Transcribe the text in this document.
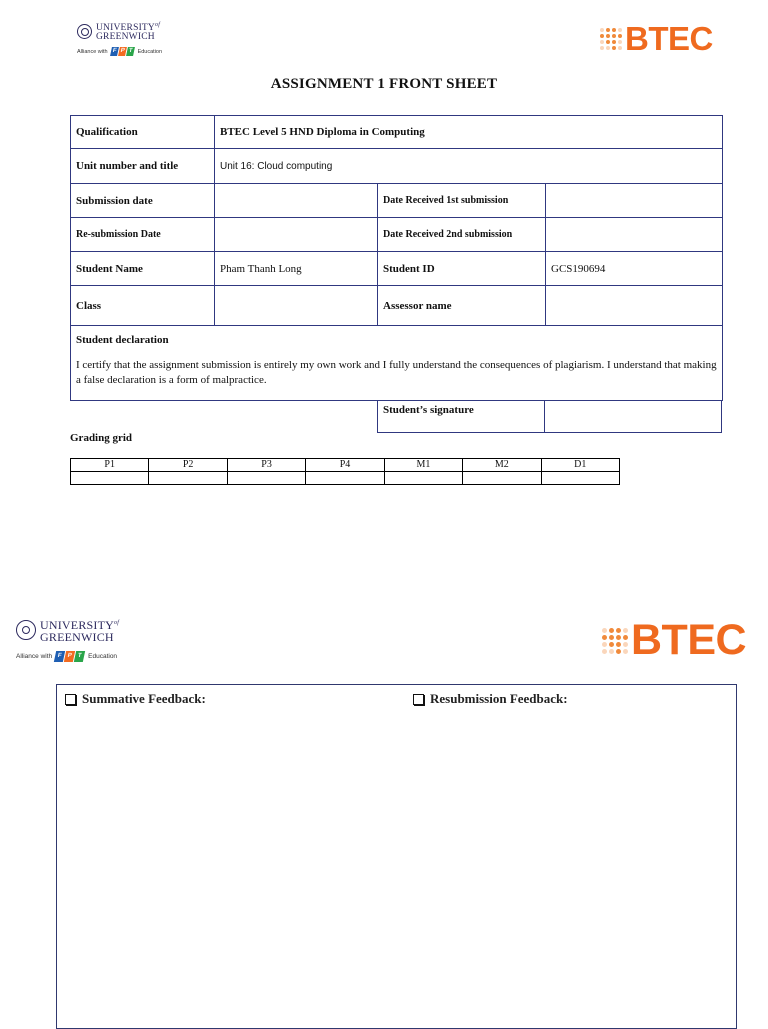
$UNIVERSITY_{of}$
GREENWICH
Alliance with F P T Education	BTEC
ASSIGNMENT 1 FRONT SHEET
Qualification	BTEC Level 5 HND Diploma in Computing		
Unit number and title	Unit 16: Cloud computing		
Submission date		Date Received 1st submission	
Re-submission Date		Date Received 2nd submission	
Student Name	Pham Thanh Long	Student ID	GCS190694
Class		Assessor name	

Student declaration
I certify that the assignment submission is entirely my own work and I fully understand the consequences of plagiarism. I understand that making a false declaration is a form of malpractice.			
Student’s signature
Grading grid
P1	P2	P3	P4	M1	M2	D1

$UNIVERSITY_{of}$
GREENWICH
Alliance with F P T Education	BTEC
Summative Feedback:	Resubmission Feedback:
